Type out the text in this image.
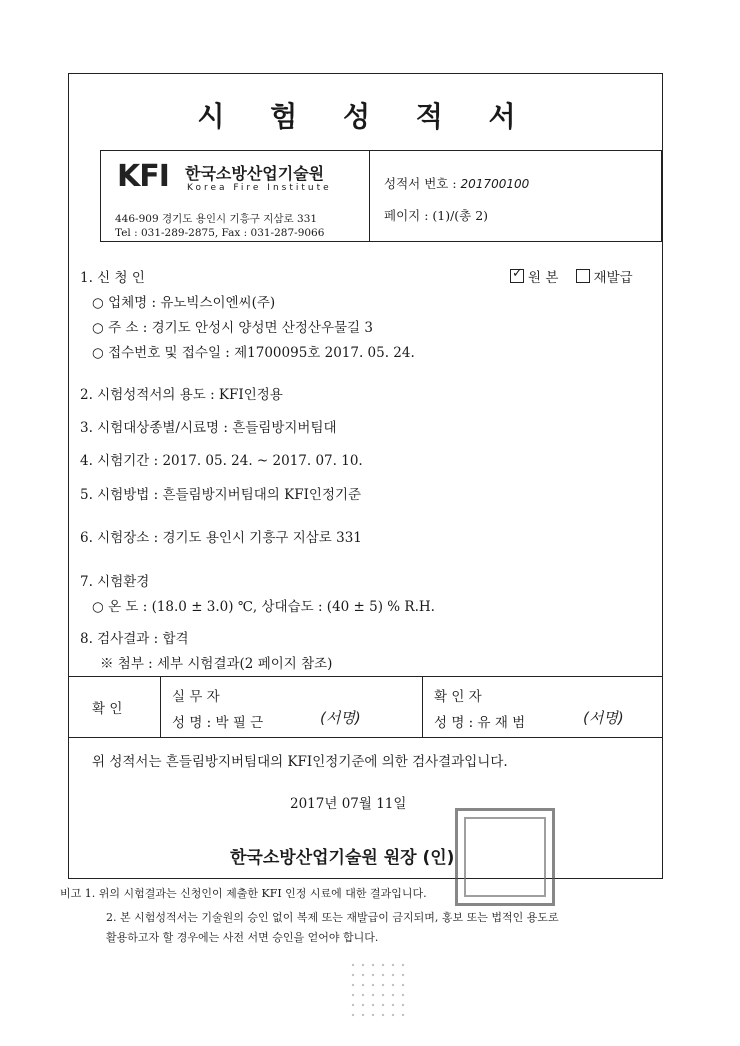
시 험 성 적 서
KFI 한국소방산업기술원
Korea Fire Institute
446-909 경기도 용인시 기흥구 지삼로 331
Tel : 031-289-2875, Fax : 031-287-9066
성적서 번호 : 201700100
페이지 : (1)/(총 2)
1. 신 청 인
✓	원 본	재발급
○ 업체명 : 유노빅스이엔씨(주)
○ 주 소 : 경기도 안성시 양성면 산정산우물길 3
○ 접수번호 및 접수일 : 제1700095호 2017. 05. 24.
2. 시험성적서의 용도 : KFI인정용
3. 시험대상종별/시료명 : 흔들림방지버팀대
4. 시험기간 : 2017. 05. 24. ~ 2017. 07. 10.
5. 시험방법 : 흔들림방지버팀대의 KFI인정기준
6. 시험장소 : 경기도 용인시 기흥구 지삼로 331
7. 시험환경
○ 온 도 : (18.0 ± 3.0) ℃, 상대습도 : (40 ± 5) % R.H.
8. 검사결과 : 합격
※ 첨부 : 세부 시험결과(2 페이지 참조)
확 인
실 무 자
성 명 : 박 필 근	(서명)
확 인 자
성 명 : 유 재 범	(서명)
위 성적서는 흔들림방지버팀대의 KFI인정기준에 의한 검사결과입니다.
2017년 07월 11일
한국소방산업기술원 원장 (인)
비고 1. 위의 시험결과는 신청인이 제출한 KFI 인정 시료에 대한 결과입니다.
2. 본 시험성적서는 기술원의 승인 없이 복제 또는 재발급이 금지되며, 홍보 또는 법적인 용도로
활용하고자 할 경우에는 사전 서면 승인을 얻어야 합니다.
